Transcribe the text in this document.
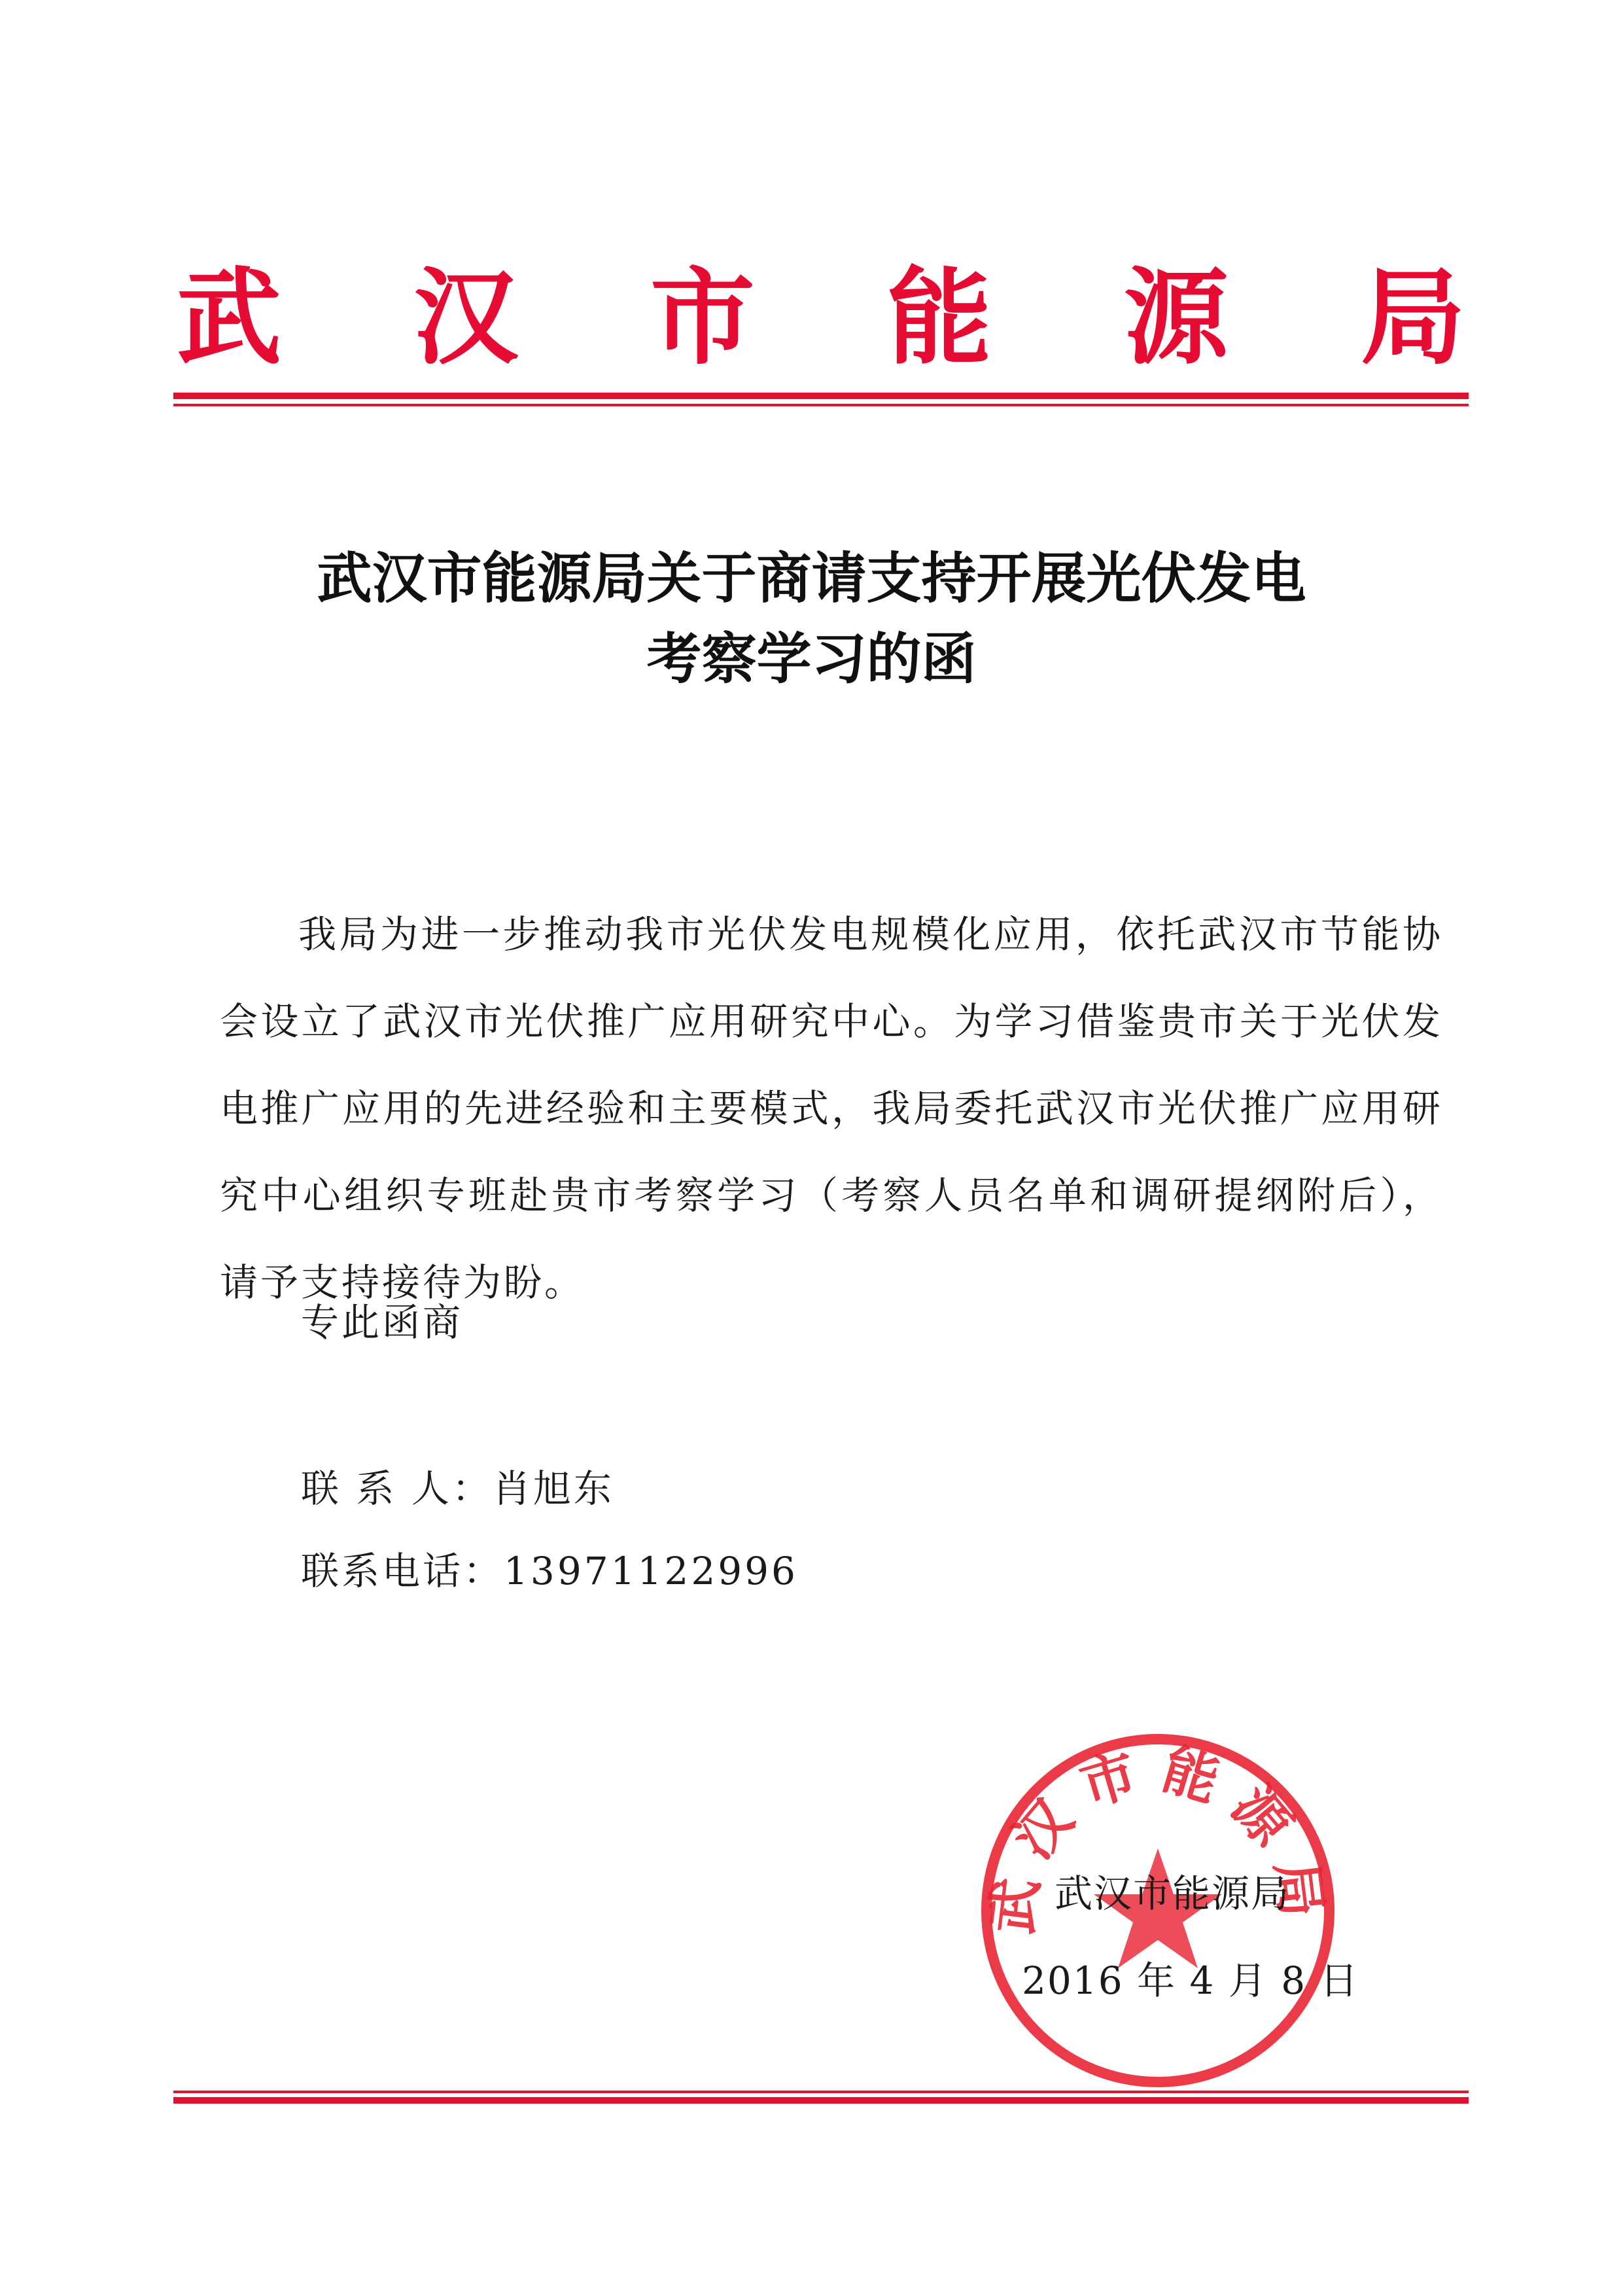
武 汉 市 能 源 局
武汉市能源局关于商请支持开展光伏发电
考察学习的函

我局为进一步推动我市光伏发电规模化应用，依托武汉市节能协会设立了武汉市光伏推广应用研究中心。为学习借鉴贵市关于光伏发电推广应用的先进经验和主要模式，我局委托武汉市光伏推广应用研究中心组织专班赴贵市考察学习（考察人员名单和调研提纲附后），请予支持接待为盼。

专此函商
联 系 人：肖旭东
联系电话：13971122996
武汉市能源局
武汉市能源局
2016 年 4 月 8 日
